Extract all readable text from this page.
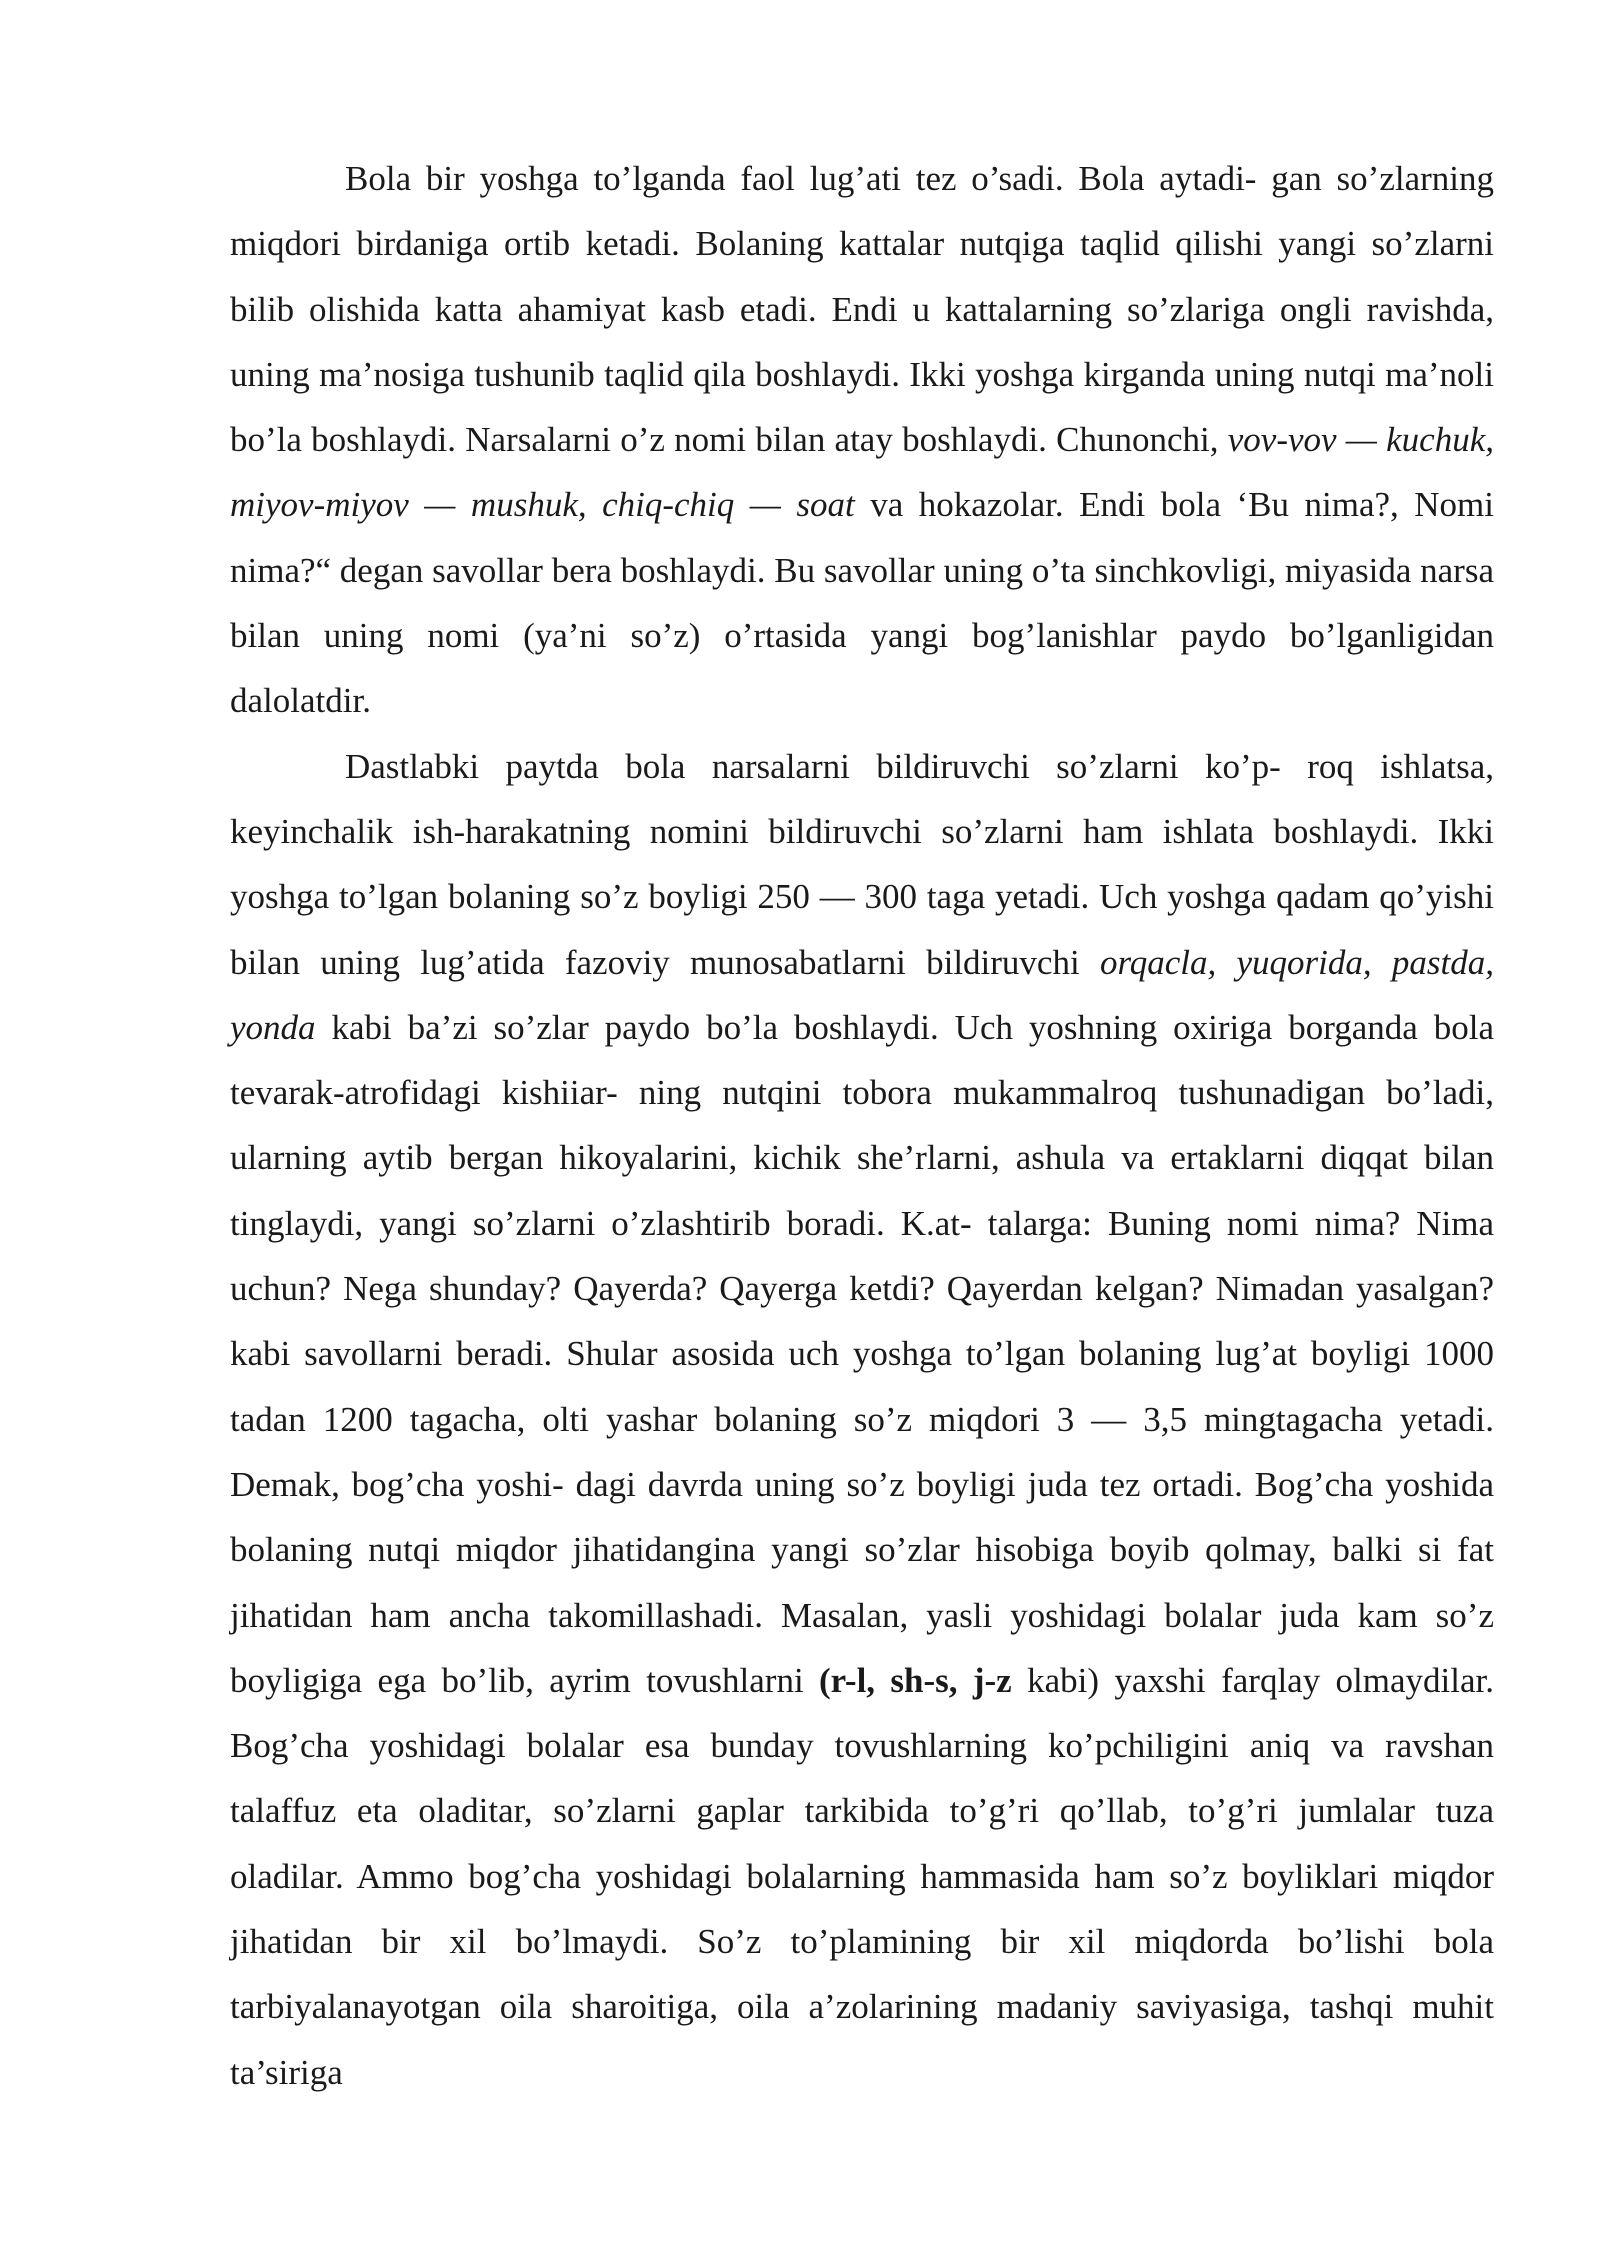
Bola bir yoshga to’lganda faol lug’ati tez o’sadi. Bola aytadi- gan so’zlarning miqdori birdaniga ortib ketadi. Bolaning kattalar nutqiga taqlid qilishi yangi so’zlarni bilib olishida katta ahamiyat kasb etadi. Endi u kattalarning so’zlariga ongli ravishda, uning ma’nosiga tushunib taqlid qila boshlaydi. Ikki yoshga kirganda uning nutqi ma’noli bo’la boshlaydi. Narsalarni o’z nomi bilan atay boshlaydi. Chunonchi, vov-vov — kuchuk, miyov-miyov — mushuk, chiq-chiq — soat va hokazolar. Endi bola ‘Bu nima?, Nomi nima?“ degan savollar bera boshlaydi. Bu savollar uning o’ta sinchkovligi, miyasida narsa bilan uning nomi (ya’ni so’z) o’rtasida yangi bog’lanishlar paydo bo’lganligidan dalolatdir.

Dastlabki paytda bola narsalarni bildiruvchi so’zlarni ko’p- roq ishlatsa, keyinchalik ish-harakatning nomini bildiruvchi so’zlarni ham ishlata boshlaydi. Ikki yoshga to’lgan bolaning so’z boyligi 250 — 300 taga yetadi. Uch yoshga qadam qo’yishi bilan uning lug’atida fazoviy munosabatlarni bildiruvchi orqacla, yuqorida, pastda, yonda kabi ba’zi so’zlar paydo bo’la boshlaydi. Uch yoshning oxiriga borganda bola tevarak-atrofidagi kishiiar- ning nutqini tobora mukammalroq tushunadigan bo’ladi, ularning aytib bergan hikoyalarini, kichik she’rlarni, ashula va ertaklarni diqqat bilan tinglaydi, yangi so’zlarni o’zlashtirib boradi. K.at- talarga: Buning nomi nima? Nima uchun? Nega shunday? Qayerda? Qayerga ketdi? Qayerdan kelgan? Nimadan yasalgan? kabi savollarni beradi. Shular asosida uch yoshga to’lgan bolaning lug’at boyligi 1000 tadan 1200 tagacha, olti yashar bolaning so’z miqdori 3 — 3,5 mingtagacha yetadi. Demak, bog’cha yoshi- dagi davrda uning so’z boyligi juda tez ortadi. Bog’cha yoshida bolaning nutqi miqdor jihatidangina yangi so’zlar hisobiga boyib qolmay, balki si fat jihatidan ham ancha takomillashadi. Masalan, yasli yoshidagi bolalar juda kam so’z boyligiga ega bo’lib, ayrim tovushlarni (r-l, sh-s, j-z kabi) yaxshi farqlay olmaydilar. Bog’cha yoshidagi bolalar esa bunday tovushlarning ko’pchiligini aniq va ravshan talaffuz eta oladitar, so’zlarni gaplar tarkibida to’g’ri qo’llab, to’g’ri jumlalar tuza oladilar. Ammo bog’cha yoshidagi bolalarning hammasida ham so’z boyliklari miqdor jihatidan bir xil bo’lmaydi. So’z to’plamining bir xil miqdorda bo’lishi bola tarbiyalanayotgan oila sharoitiga, oila a’zolarining madaniy saviyasiga, tashqi muhit ta’siriga
